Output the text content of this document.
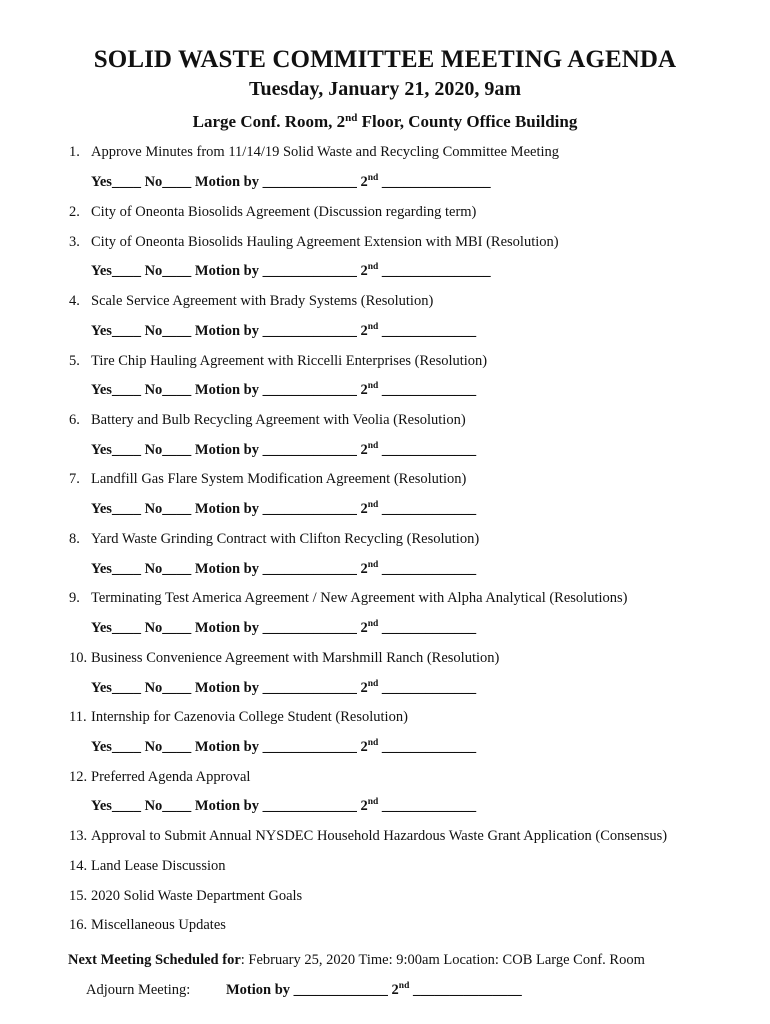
SOLID WASTE COMMITTEE MEETING AGENDA
Tuesday, January 21, 2020, 9am
Large Conf. Room, 2nd Floor, County Office Building
1. Approve Minutes from 11/14/19 Solid Waste and Recycling Committee Meeting
Yes____ No____ Motion by _____________ 2nd _______________
2. City of Oneonta Biosolids Agreement (Discussion regarding term)
3. City of Oneonta Biosolids Hauling Agreement Extension with MBI (Resolution)
Yes____ No____ Motion by _____________ 2nd _______________
4. Scale Service Agreement with Brady Systems (Resolution)
Yes____ No____ Motion by _____________ 2nd _____________
5. Tire Chip Hauling Agreement with Riccelli Enterprises (Resolution)
Yes____ No____ Motion by _____________ 2nd _____________
6. Battery and Bulb Recycling Agreement with Veolia (Resolution)
Yes____ No____ Motion by _____________ 2nd _____________
7. Landfill Gas Flare System Modification Agreement (Resolution)
Yes____ No____ Motion by _____________ 2nd _____________
8. Yard Waste Grinding Contract with Clifton Recycling (Resolution)
Yes____ No____ Motion by _____________ 2nd _____________
9. Terminating Test America Agreement / New Agreement with Alpha Analytical (Resolutions)
Yes____ No____ Motion by _____________ 2nd _____________
10. Business Convenience Agreement with Marshmill Ranch (Resolution)
Yes____ No____ Motion by _____________ 2nd _____________
11. Internship for Cazenovia College Student (Resolution)
Yes____ No____ Motion by _____________ 2nd _____________
12. Preferred Agenda Approval
Yes____ No____ Motion by _____________ 2nd _____________
13. Approval to Submit Annual NYSDEC Household Hazardous Waste Grant Application (Consensus)
14. Land Lease Discussion
15. 2020 Solid Waste Department Goals
16. Miscellaneous Updates
Next Meeting Scheduled for: February 25, 2020 Time: 9:00am Location: COB Large Conf. Room
Adjourn Meeting: Motion by _____________ 2nd _______________
